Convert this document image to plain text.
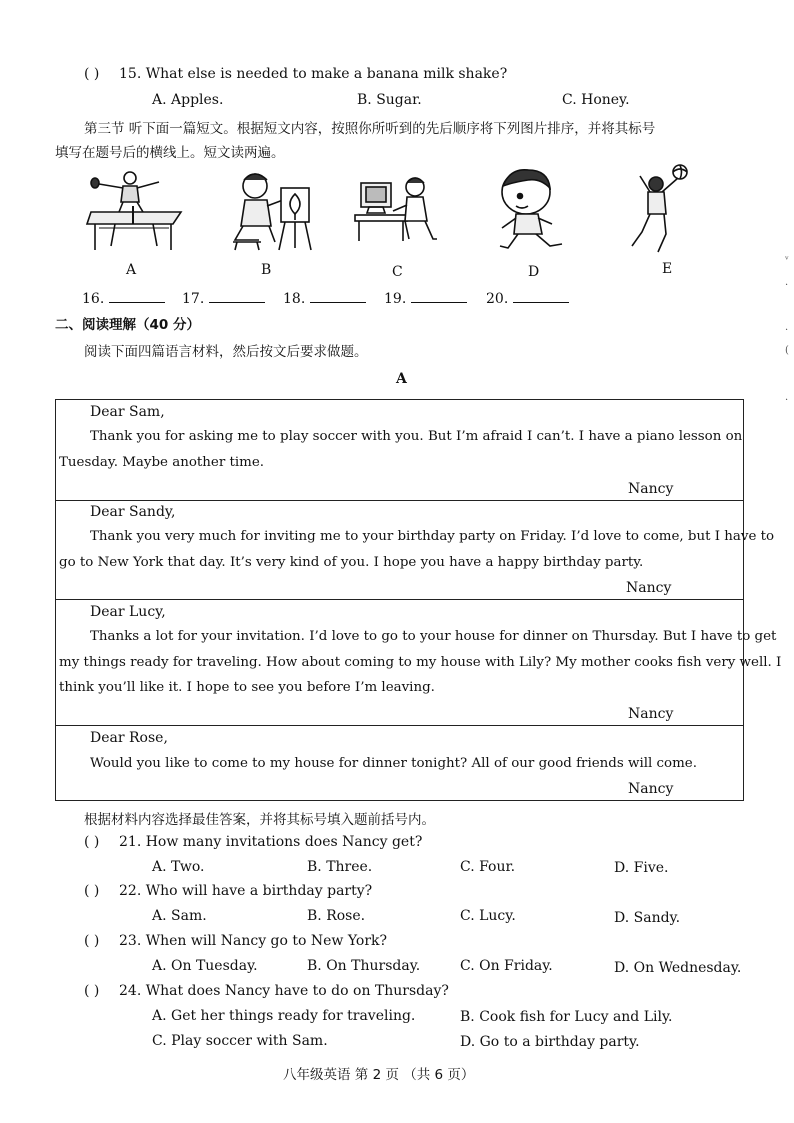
( ) 15. What else is needed to make a banana milk shake?
A. Apples.	B. Sugar.	C. Honey.
第三节 听下面一篇短文。根据短文内容，按照你所听到的先后顺序将下列图片排序，并将其标号
填写在题号后的横线上。短文读两遍。
A	B	C	D	E
16.	17.	18.	19.	20.
二、阅读理解（40 分）
阅读下面四篇语言材料，然后按文后要求做题。
A
Dear Sam,
Thank you for asking me to play soccer with you. But I’m afraid I can’t. I have a piano lesson on
Tuesday. Maybe another time.
Nancy
Dear Sandy,
Thank you very much for inviting me to your birthday party on Friday. I’d love to come, but I have to
go to New York that day. It’s very kind of you. I hope you have a happy birthday party.
Nancy
Dear Lucy,
Thanks a lot for your invitation. I’d love to go to your house for dinner on Thursday. But I have to get
my things ready for traveling. How about coming to my house with Lily? My mother cooks fish very well. I
think you’ll like it. I hope to see you before I’m leaving.
Nancy
Dear Rose,
Would you like to come to my house for dinner tonight? All of our good friends will come.
Nancy
根据材料内容选择最佳答案，并将其标号填入题前括号内。
( ) 21. How many invitations does Nancy get?
A. Two.	B. Three.	C. Four.	D. Five.
( ) 22. Who will have a birthday party?
A. Sam.	B. Rose.	C. Lucy.	D. Sandy.
( ) 23. When will Nancy go to New York?
A. On Tuesday.	B. On Thursday.	C. On Friday.	D. On Wednesday.
( ) 24. What does Nancy have to do on Thursday?
A. Get her things ready for traveling.	B. Cook fish for Lucy and Lily.
C. Play soccer with Sam.	D. Go to a birthday party.
八年级英语 第 2 页 （共 6 页）
ᵛ
·
·
(
·
